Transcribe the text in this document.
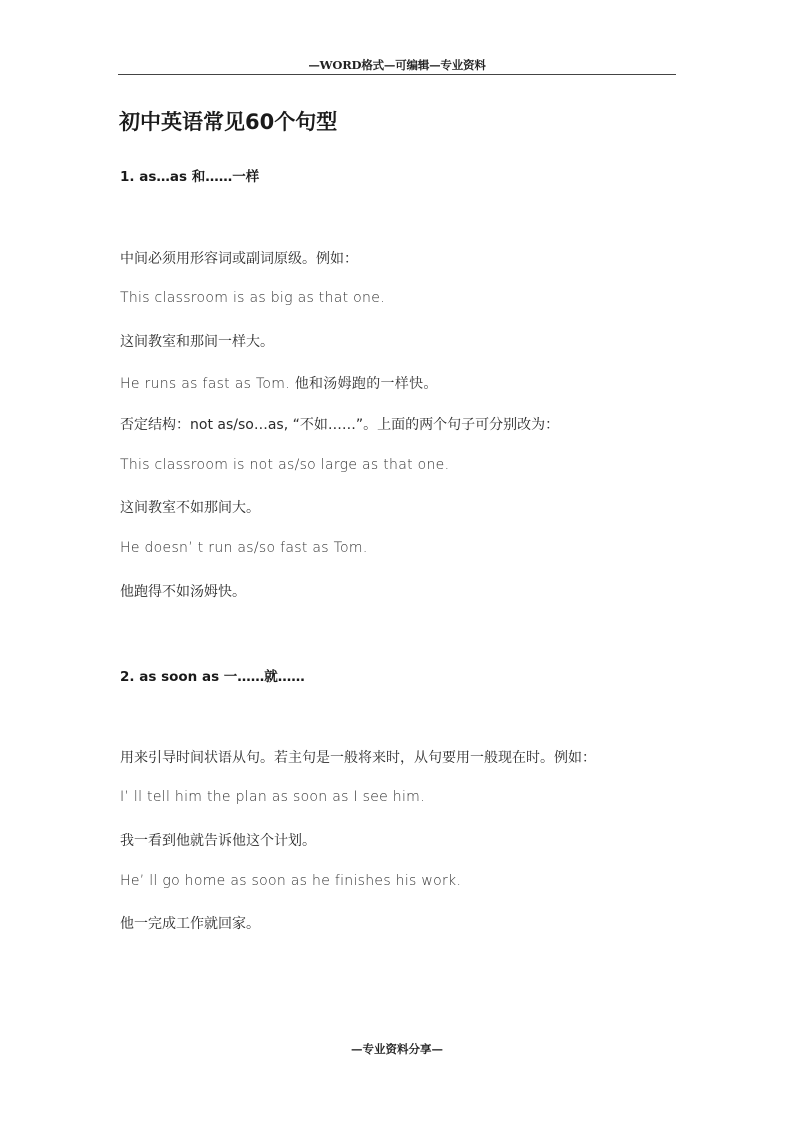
—WORD格式—可编辑—专业资料
初中英语常见60个句型
1. as…as 和……一样

中间必须用形容词或副词原级。例如：

This classroom is as big as that one.

这间教室和那间一样大。

He runs as fast as Tom. 他和汤姆跑的一样快。

否定结构：not as/so…as, “不如……”。上面的两个句子可分别改为：

This classroom is not as/so large as that one.

这间教室不如那间大。

He doesn’ t run as/so fast as Tom.

他跑得不如汤姆快。

2. as soon as 一……就……

用来引导时间状语从句。若主句是一般将来时，从句要用一般现在时。例如：

I’ ll tell him the plan as soon as I see him.

我一看到他就告诉他这个计划。

He’ ll go home as soon as he finishes his work.

他一完成工作就回家。

—专业资料分享—
